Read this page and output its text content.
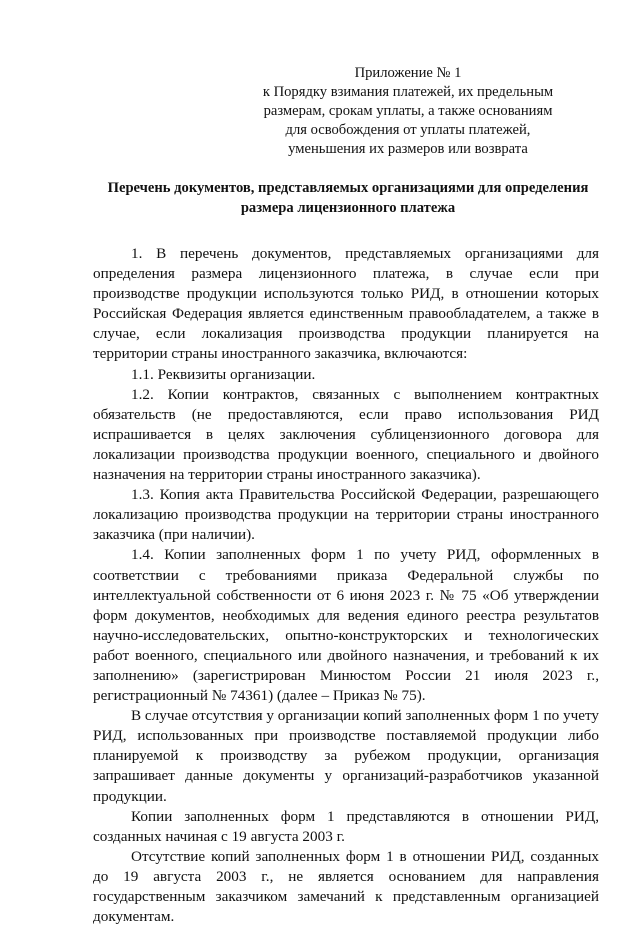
Приложение № 1
к Порядку взимания платежей, их предельным размерам, срокам уплаты, а также основаниям для освобождения от уплаты платежей, уменьшения их размеров или возврата
Перечень документов, представляемых организациями для определения размера лицензионного платежа

1. В перечень документов, представляемых организациями для определения размера лицензионного платежа, в случае если при производстве продукции используются только РИД, в отношении которых Российская Федерация является единственным правообладателем, а также в случае, если локализация производства продукции планируется на территории страны иностранного заказчика, включаются:

1.1. Реквизиты организации.

1.2. Копии контрактов, связанных с выполнением контрактных обязательств (не предоставляются, если право использования РИД испрашивается в целях заключения сублицензионного договора для локализации производства продукции военного, специального и двойного назначения на территории страны иностранного заказчика).

1.3. Копия акта Правительства Российской Федерации, разрешающего локализацию производства продукции на территории страны иностранного заказчика (при наличии).

1.4. Копии заполненных форм 1 по учету РИД, оформленных в соответствии с требованиями приказа Федеральной службы по интеллектуальной собственности от 6 июня 2023 г. № 75 «Об утверждении форм документов, необходимых для ведения единого реестра результатов научно-исследовательских, опытно-конструкторских и технологических работ военного, специального или двойного назначения, и требований к их заполнению» (зарегистрирован Минюстом России 21 июля 2023 г., регистрационный № 74361) (далее – Приказ № 75).

В случае отсутствия у организации копий заполненных форм 1 по учету РИД, использованных при производстве поставляемой продукции либо планируемой к производству за рубежом продукции, организация запрашивает данные документы у организаций-разработчиков указанной продукции.

Копии заполненных форм 1 представляются в отношении РИД, созданных начиная с 19 августа 2003 г.

Отсутствие копий заполненных форм 1 в отношении РИД, созданных до 19 августа 2003 г., не является основанием для направления государственным заказчиком замечаний к представленным организацией документам.
